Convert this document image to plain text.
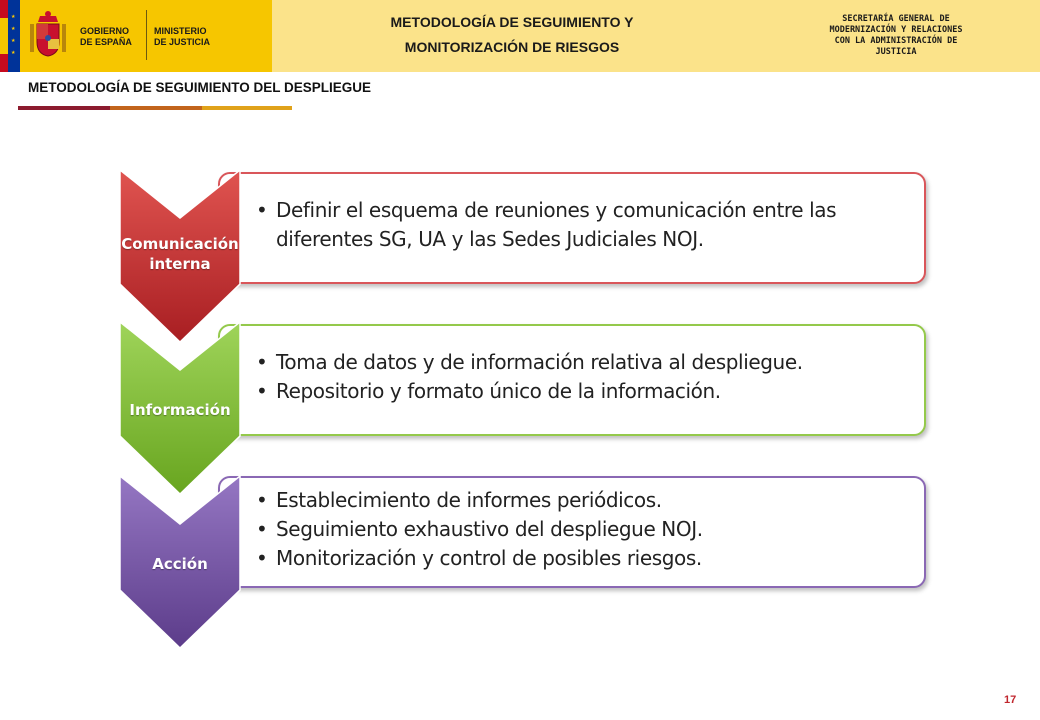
★
★
★
★
GOBIERNO
DE ESPAÑA
MINISTERIO
DE JUSTICIA
METODOLOGÍA DE SEGUIMIENTO Y
MONITORIZACIÓN DE RIESGOS
SECRETARÍA GENERAL DE
MODERNIZACIÓN Y RELACIONES
CON LA ADMINISTRACIÓN DE
JUSTICIA
METODOLOGÍA DE SEGUIMIENTO DEL DESPLIEGUE
• Definir el esquema de reuniones y comunicación entre las diferentes SG, UA y las Sedes Judiciales NOJ.
Comunicación
interna
• Toma de datos y de información relativa al despliegue.
• Repositorio y formato único de la información.
Información
• Establecimiento de informes periódicos.
• Seguimiento exhaustivo del despliegue NOJ.
• Monitorización y control de posibles riesgos.
Acción
17
